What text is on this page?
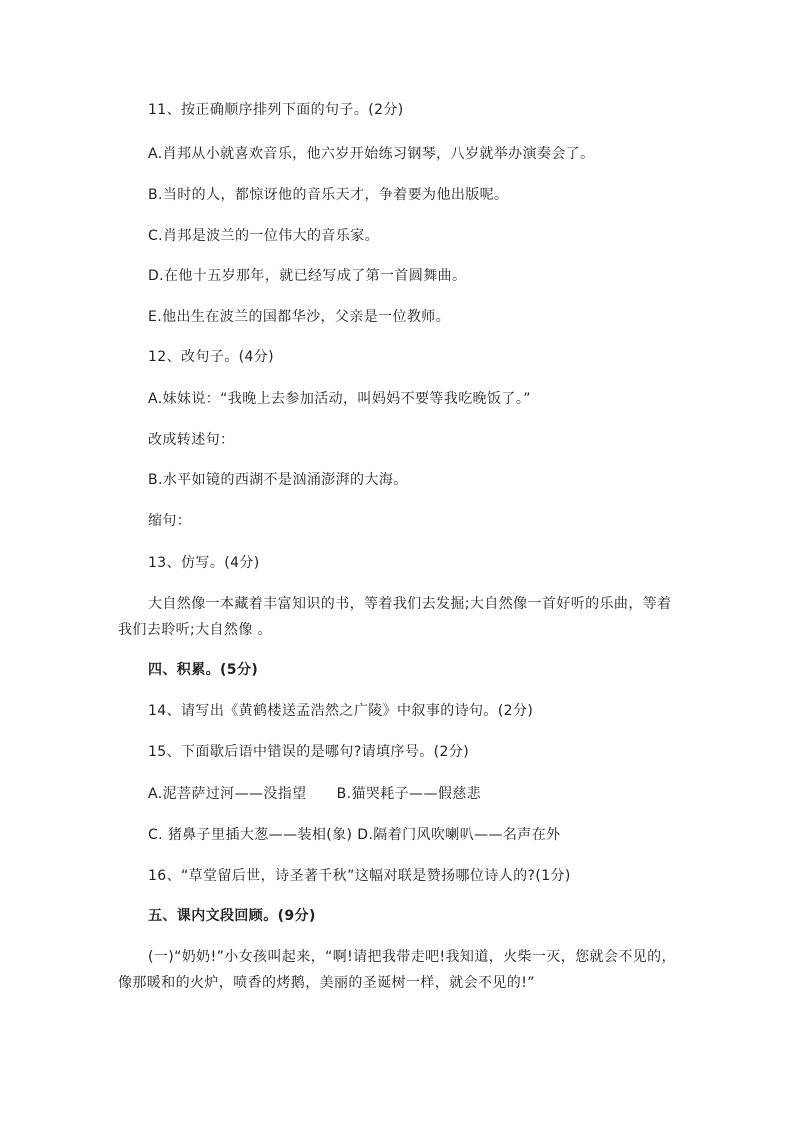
11、按正确顺序排列下面的句子。(2分)

A.肖邦从小就喜欢音乐，他六岁开始练习钢琴，八岁就举办演奏会了。

B.当时的人，都惊讶他的音乐天才，争着要为他出版呢。

C.肖邦是波兰的一位伟大的音乐家。

D.在他十五岁那年，就已经写成了第一首圆舞曲。

E.他出生在波兰的国都华沙，父亲是一位教师。

12、改句子。(4分)

A.妹妹说：“我晚上去参加活动，叫妈妈不要等我吃晚饭了。”

改成转述句：

B.水平如镜的西湖不是汹涌澎湃的大海。

缩句：

13、仿写。(4分)

大自然像一本藏着丰富知识的书，等着我们去发掘;大自然像一首好听的乐曲，等着我们去聆听;大自然像 。

四、积累。(5分)

14、请写出《黄鹤楼送孟浩然之广陵》中叙事的诗句。(2分)

15、下面歇后语中错误的是哪句?请填序号。(2分)

A.泥菩萨过河——没指望 B.猫哭耗子——假慈悲

C. 猪鼻子里插大葱——装相(象) D.隔着门风吹喇叭——名声在外

16、“草堂留后世，诗圣著千秋”这幅对联是赞扬哪位诗人的?(1分)

五、课内文段回顾。(9分)

(一)“奶奶!”小女孩叫起来，“啊!请把我带走吧!我知道，火柴一灭，您就会不见的，像那暖和的火炉，喷香的烤鹅，美丽的圣诞树一样，就会不见的!”
